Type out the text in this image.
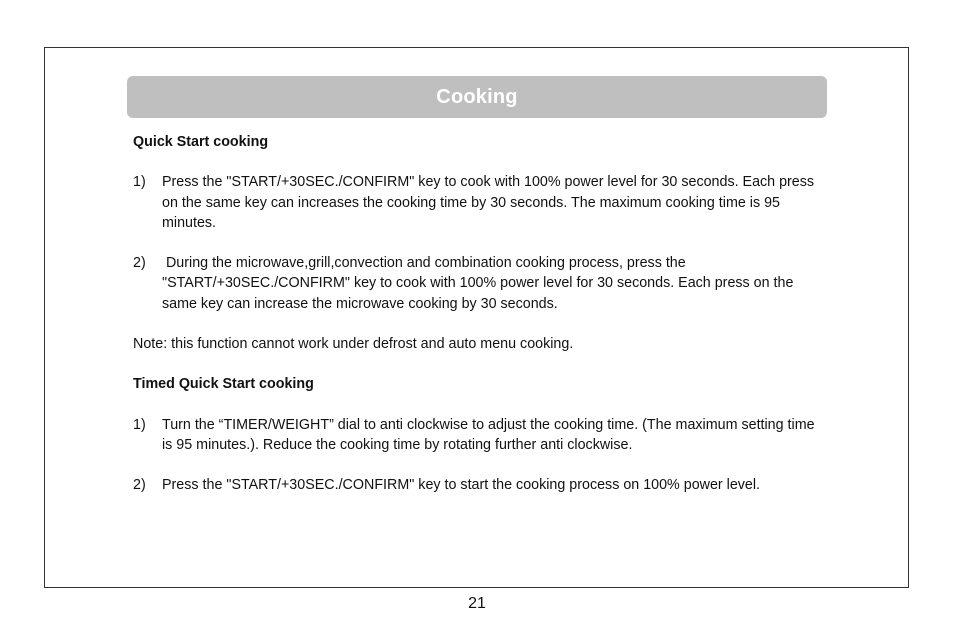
Cooking

Quick Start cooking

1)	Press the "START/+30SEC./CONFIRM" key to cook with 100% power level for 30 seconds. Each press on the same key can increases the cooking time by 30 seconds. The maximum cooking time is 95 minutes.
2)	During the microwave,grill,convection and combination cooking process, press the "START/+30SEC./CONFIRM" key to cook with 100% power level for 30 seconds. Each press on the same key can increase the microwave cooking by 30 seconds.

Note: this function cannot work under defrost and auto menu cooking.

Timed Quick Start cooking

1)	Turn the “TIMER/WEIGHT” dial to anti clockwise to adjust the cooking time. (The maximum setting time is 95 minutes.). Reduce the cooking time by rotating further anti clockwise.
2)	Press the "START/+30SEC./CONFIRM" key to start the cooking process on 100% power level.
21
